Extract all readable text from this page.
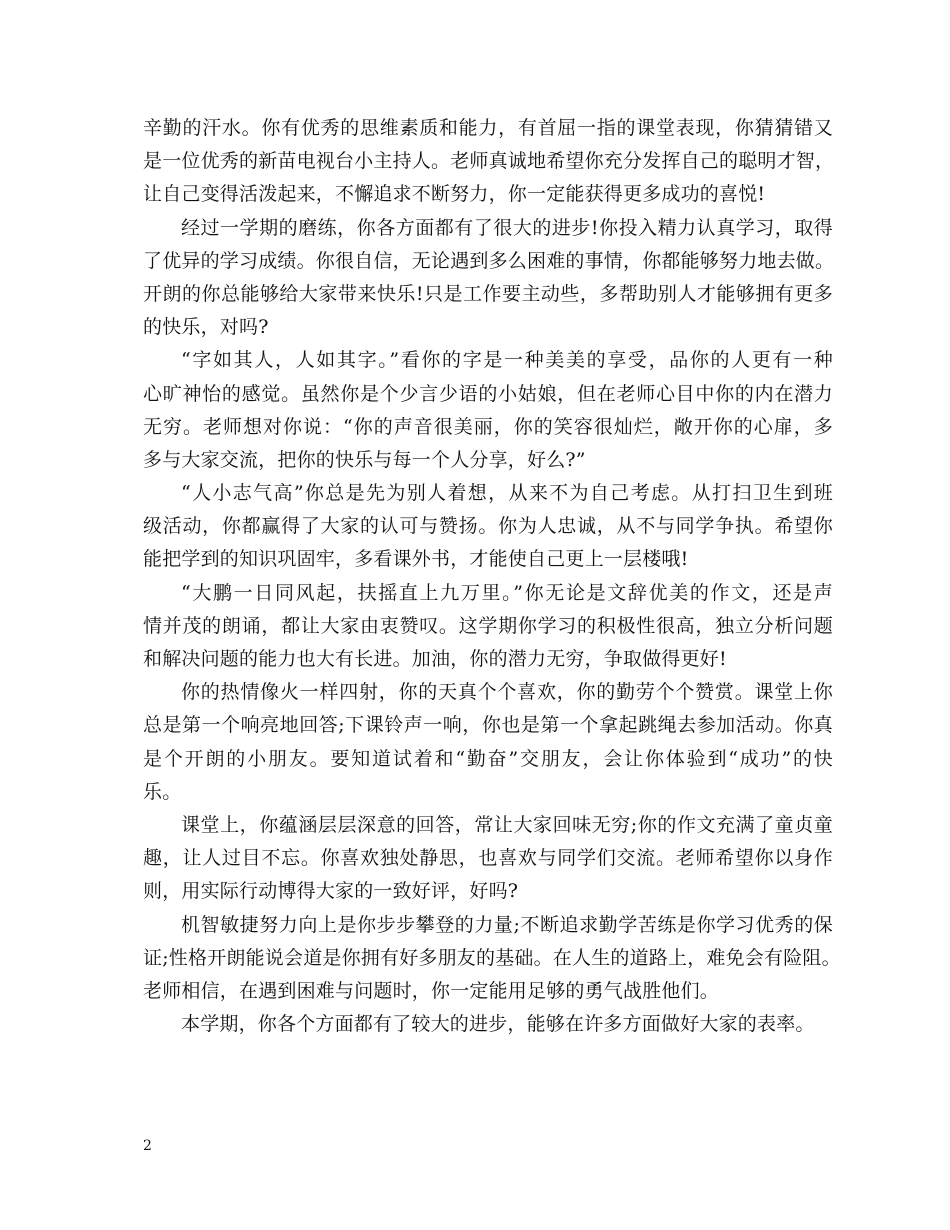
辛勤的汗水。你有优秀的思维素质和能力，有首屈一指的课堂表现，你猜猜错又
是一位优秀的新苗电视台小主持人。老师真诚地希望你充分发挥自己的聪明才智，
让自己变得活泼起来，不懈追求不断努力，你一定能获得更多成功的喜悦!
经过一学期的磨练，你各方面都有了很大的进步!你投入精力认真学习，取得
了优异的学习成绩。你很自信，无论遇到多么困难的事情，你都能够努力地去做。
开朗的你总能够给大家带来快乐!只是工作要主动些，多帮助别人才能够拥有更多
的快乐，对吗?
“字如其人，人如其字。”看你的字是一种美美的享受，品你的人更有一种
心旷神怡的感觉。虽然你是个少言少语的小姑娘，但在老师心目中你的内在潜力
无穷。老师想对你说：“你的声音很美丽，你的笑容很灿烂，敞开你的心扉，多
多与大家交流，把你的快乐与每一个人分享，好么?”
“人小志气高”你总是先为别人着想，从来不为自己考虑。从打扫卫生到班
级活动，你都赢得了大家的认可与赞扬。你为人忠诚，从不与同学争执。希望你
能把学到的知识巩固牢，多看课外书，才能使自己更上一层楼哦!
“大鹏一日同风起，扶摇直上九万里。”你无论是文辞优美的作文，还是声
情并茂的朗诵，都让大家由衷赞叹。这学期你学习的积极性很高，独立分析问题
和解决问题的能力也大有长进。加油，你的潜力无穷，争取做得更好!
你的热情像火一样四射，你的天真个个喜欢，你的勤劳个个赞赏。课堂上你
总是第一个响亮地回答;下课铃声一响，你也是第一个拿起跳绳去参加活动。你真
是个开朗的小朋友。要知道试着和“勤奋”交朋友，会让你体验到“成功”的快
乐。
课堂上，你蕴涵层层深意的回答，常让大家回味无穷;你的作文充满了童贞童
趣，让人过目不忘。你喜欢独处静思，也喜欢与同学们交流。老师希望你以身作
则，用实际行动博得大家的一致好评，好吗?
机智敏捷努力向上是你步步攀登的力量;不断追求勤学苦练是你学习优秀的保
证;性格开朗能说会道是你拥有好多朋友的基础。在人生的道路上，难免会有险阻。
老师相信，在遇到困难与问题时，你一定能用足够的勇气战胜他们。
本学期，你各个方面都有了较大的进步，能够在许多方面做好大家的表率。
2
